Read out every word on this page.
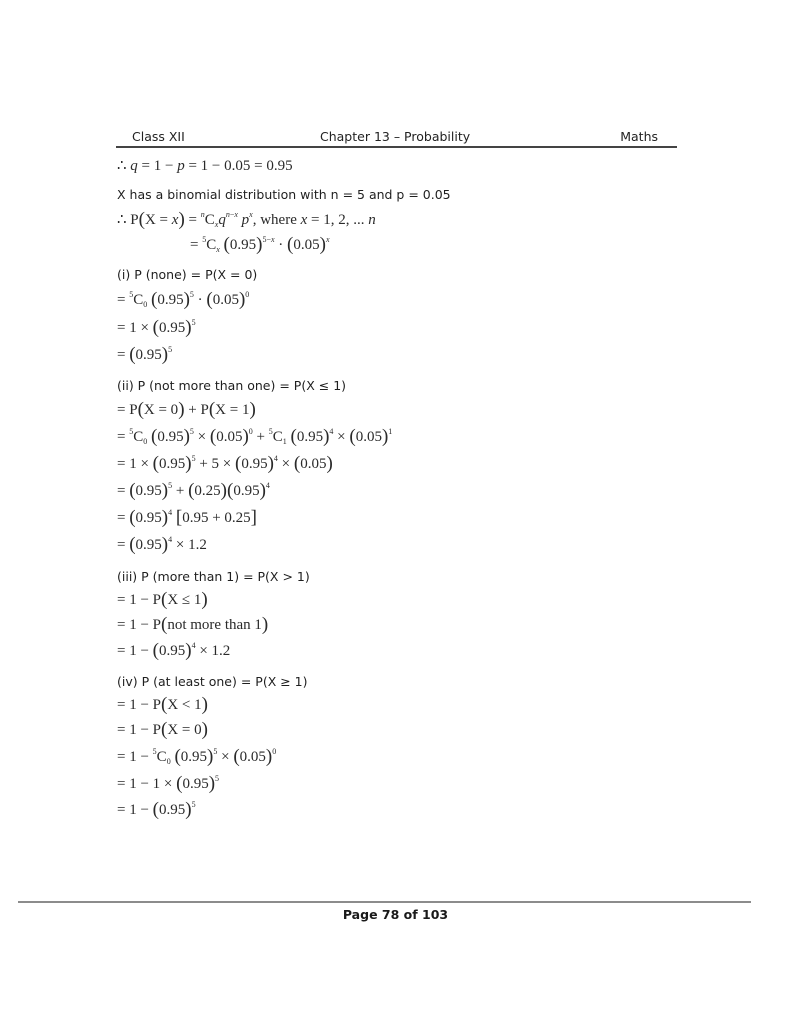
Class XII	Chapter 13 – Probability	Maths
∴ q = 1 − p = 1 − 0.05 = 0.95
X has a binomial distribution with n = 5 and p = 0.05
∴ $P(X = x) = ^nC_xq^{n-x}$ $p^x$, where x = 1, 2, ... n
= $^5C_x$ $(0.95)^{5-x} \cdot (0.05)^x$
(i) P (none) = P(X = 0)
= $^5C_0$ $(0.95)^5 \cdot (0.05)^0$
= $1 \times (0.95)^5$
= $(0.95)^5$
(ii) P (not more than one) = P(X ≤ 1)
= P(X = 0) + P(X = 1)
= $^5C_0$ $(0.95)^5 \times (0.05)^0 + ^5C_1$ $(0.95)^4 \times (0.05)^1$
= $1 \times (0.95)^5 + 5 \times (0.95)^4 \times (0.05)$
= $(0.95)^5 + (0.25)(0.95)^4$
= $(0.95)^4$ [0.95 + 0.25]
= $(0.95)^4 \times 1.2$
(iii) P (more than 1) = P(X > 1)
= 1 − P(X ≤ 1)
= 1 − P(not more than 1)
= $1 - (0.95)^4 \times 1.2$
(iv) P (at least one) = P(X ≥ 1)
= 1 − P(X < 1)
= 1 − P(X = 0)
= $1 - ^5C_0$ $(0.95)^5 \times (0.05)^0$
= $1 - 1 \times (0.95)^5$
= $1 - (0.95)^5$
Page 78 of 103
